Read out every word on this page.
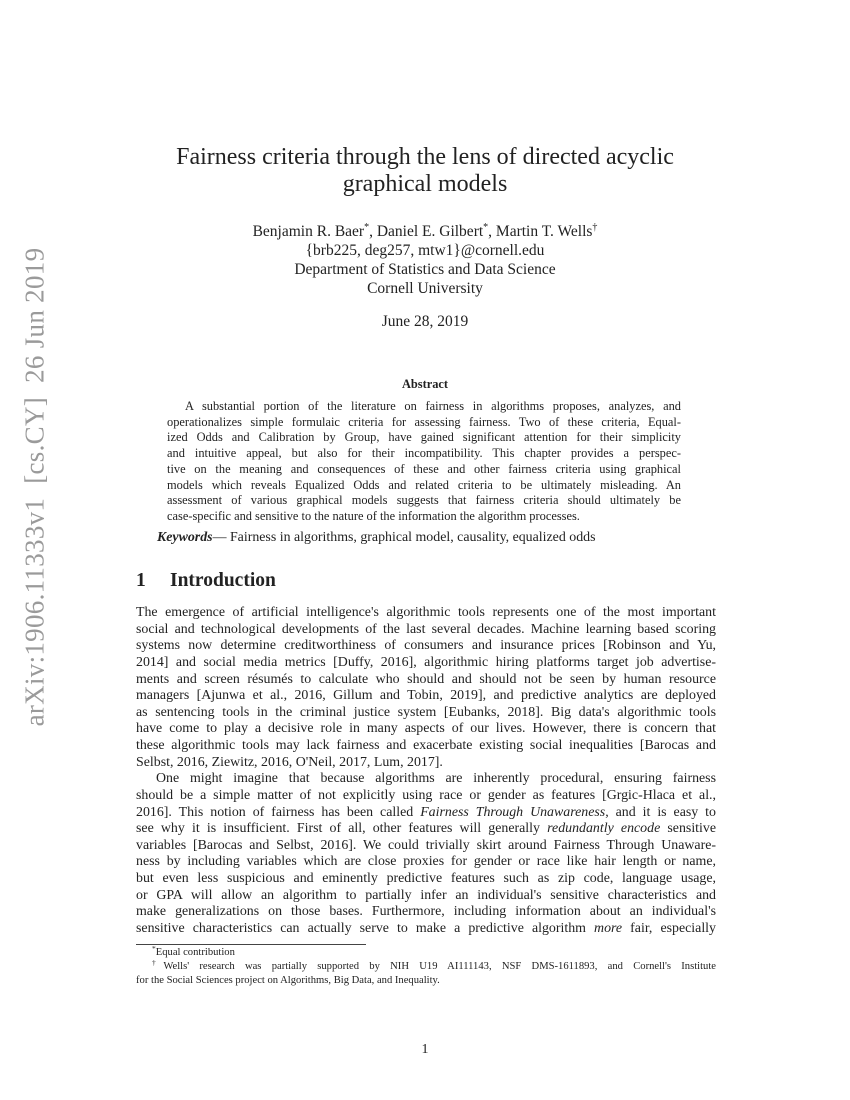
arXiv:1906.11333v1[cs.CY]26 Jun 2019
Fairness criteria through the lens of directed acyclic
graphical models
Benjamin R. Baer*, Daniel E. Gilbert*, Martin T. Wells†
{brb225, deg257, mtw1}@cornell.edu
Department of Statistics and Data Science
Cornell University
June 28, 2019
Abstract
A substantial portion of the literature on fairness in algorithms proposes, analyzes, and
operationalizes simple formulaic criteria for assessing fairness. Two of these criteria, Equal-
ized Odds and Calibration by Group, have gained significant attention for their simplicity
and intuitive appeal, but also for their incompatibility. This chapter provides a perspec-
tive on the meaning and consequences of these and other fairness criteria using graphical
models which reveals Equalized Odds and related criteria to be ultimately misleading. An
assessment of various graphical models suggests that fairness criteria should ultimately be
case-specific and sensitive to the nature of the information the algorithm processes.
Keywords— Fairness in algorithms, graphical model, causality, equalized odds
1 Introduction
The emergence of artificial intelligence's algorithmic tools represents one of the most important
social and technological developments of the last several decades. Machine learning based scoring
systems now determine creditworthiness of consumers and insurance prices [Robinson and Yu,
2014] and social media metrics [Duffy, 2016], algorithmic hiring platforms target job advertise-
ments and screen résumés to calculate who should and should not be seen by human resource
managers [Ajunwa et al., 2016, Gillum and Tobin, 2019], and predictive analytics are deployed
as sentencing tools in the criminal justice system [Eubanks, 2018]. Big data's algorithmic tools
have come to play a decisive role in many aspects of our lives. However, there is concern that
these algorithmic tools may lack fairness and exacerbate existing social inequalities [Barocas and
Selbst, 2016, Ziewitz, 2016, O'Neil, 2017, Lum, 2017].
One might imagine that because algorithms are inherently procedural, ensuring fairness
should be a simple matter of not explicitly using race or gender as features [Grgic-Hlaca et al.,
2016]. This notion of fairness has been called Fairness Through Unawareness, and it is easy to
see why it is insufficient. First of all, other features will generally redundantly encode sensitive
variables [Barocas and Selbst, 2016]. We could trivially skirt around Fairness Through Unaware-
ness by including variables which are close proxies for gender or race like hair length or name,
but even less suspicious and eminently predictive features such as zip code, language usage,
or GPA will allow an algorithm to partially infer an individual's sensitive characteristics and
make generalizations on those bases. Furthermore, including information about an individual's
sensitive characteristics can actually serve to make a predictive algorithm more fair, especially
*Equal contribution
†Wells' research was partially supported by NIH U19 AI111143, NSF DMS-1611893, and Cornell's Institute
for the Social Sciences project on Algorithms, Big Data, and Inequality.
1
